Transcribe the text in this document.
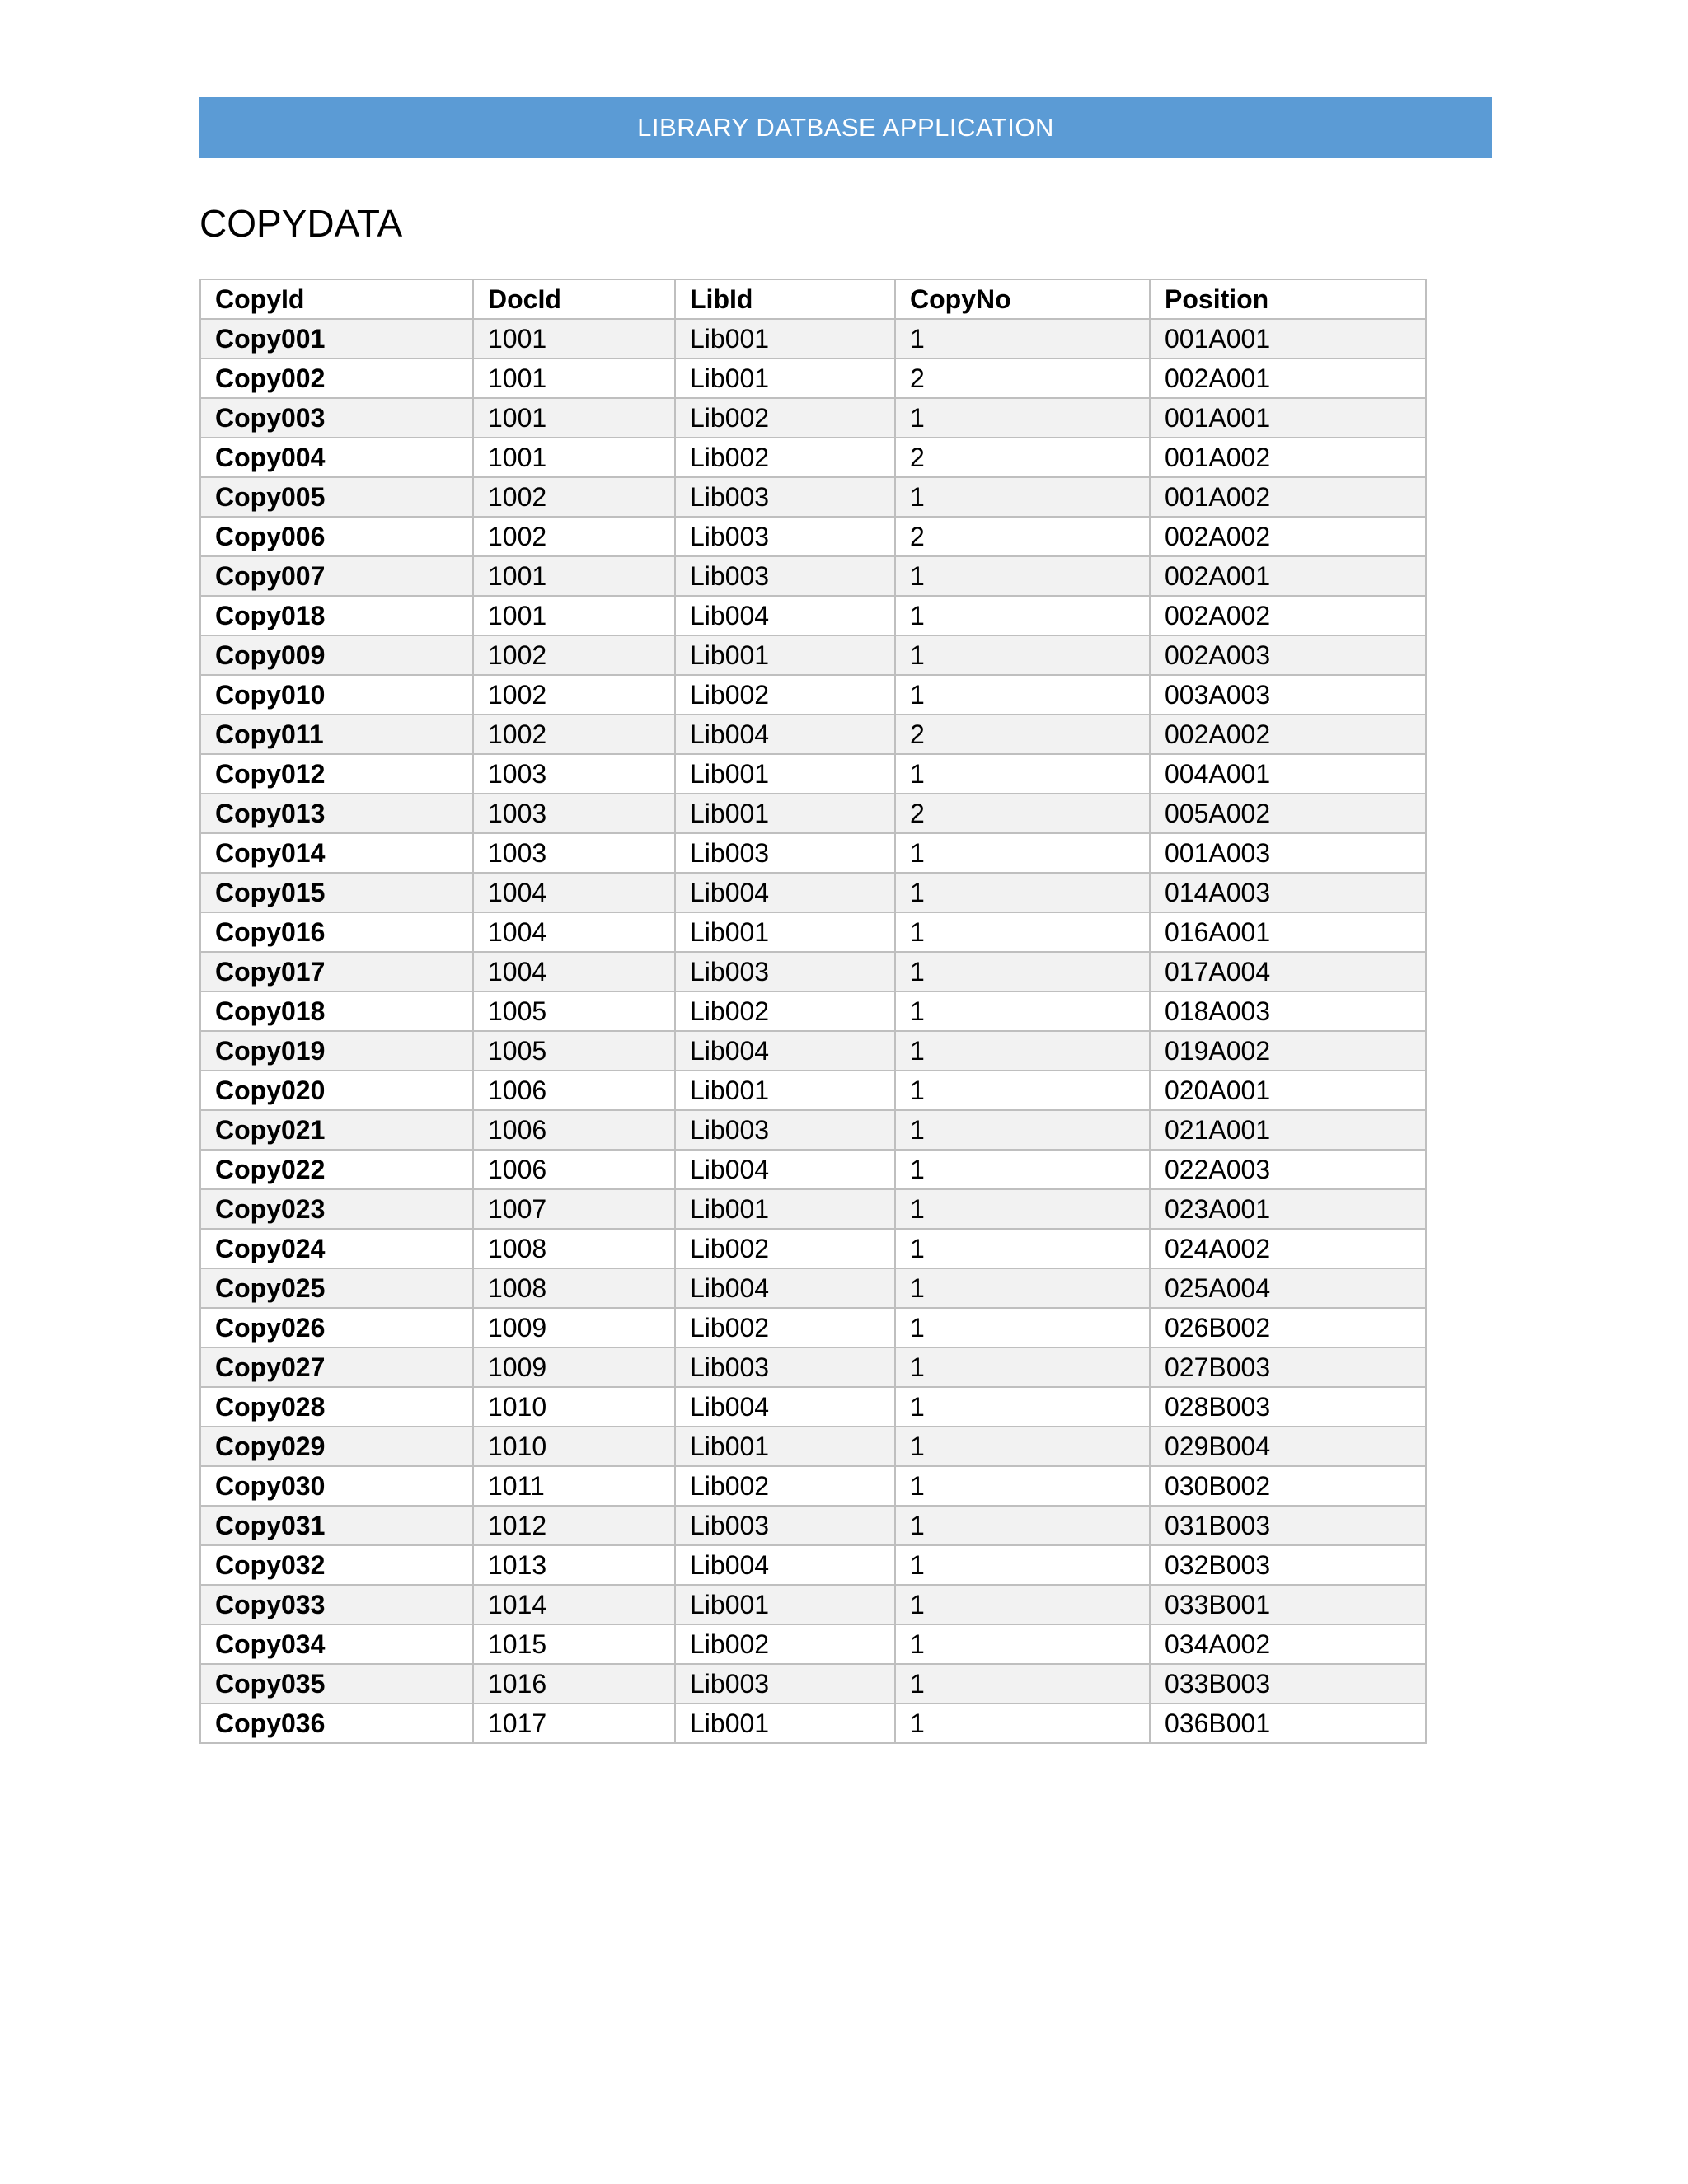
LIBRARY DATBASE APPLICATION
COPYDATA
CopyId	DocId	LibId	CopyNo	Position
Copy001	1001	Lib001	1	001A001
Copy002	1001	Lib001	2	002A001
Copy003	1001	Lib002	1	001A001
Copy004	1001	Lib002	2	001A002
Copy005	1002	Lib003	1	001A002
Copy006	1002	Lib003	2	002A002
Copy007	1001	Lib003	1	002A001
Copy018	1001	Lib004	1	002A002
Copy009	1002	Lib001	1	002A003
Copy010	1002	Lib002	1	003A003
Copy011	1002	Lib004	2	002A002
Copy012	1003	Lib001	1	004A001
Copy013	1003	Lib001	2	005A002
Copy014	1003	Lib003	1	001A003
Copy015	1004	Lib004	1	014A003
Copy016	1004	Lib001	1	016A001
Copy017	1004	Lib003	1	017A004
Copy018	1005	Lib002	1	018A003
Copy019	1005	Lib004	1	019A002
Copy020	1006	Lib001	1	020A001
Copy021	1006	Lib003	1	021A001
Copy022	1006	Lib004	1	022A003
Copy023	1007	Lib001	1	023A001
Copy024	1008	Lib002	1	024A002
Copy025	1008	Lib004	1	025A004
Copy026	1009	Lib002	1	026B002
Copy027	1009	Lib003	1	027B003
Copy028	1010	Lib004	1	028B003
Copy029	1010	Lib001	1	029B004
Copy030	1011	Lib002	1	030B002
Copy031	1012	Lib003	1	031B003
Copy032	1013	Lib004	1	032B003
Copy033	1014	Lib001	1	033B001
Copy034	1015	Lib002	1	034A002
Copy035	1016	Lib003	1	033B003
Copy036	1017	Lib001	1	036B001
